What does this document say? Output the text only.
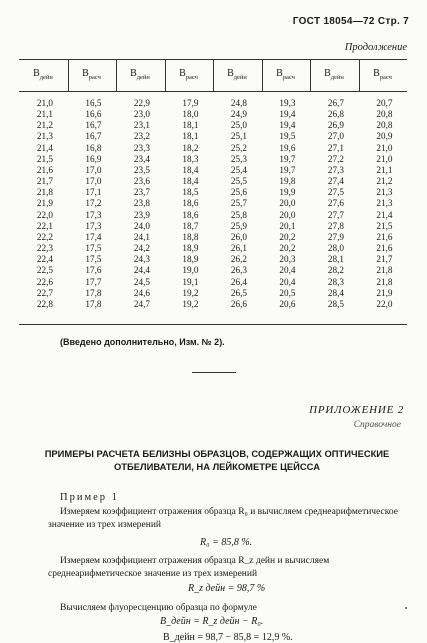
ГОСТ 18054—72 Стр. 7
Продолжение
$B_{дейн}$
21,0
21,1
21,2
21,3
21,4
21,5
21,6
21,7
21,8
21,9
22,0
22,1
22,2
22,3
22,4
22,5
22,6
22,7
22,8
$B_{расч}$
16,5
16,6
16,7
16,7
16,8
16,9
17,0
17,0
17,1
17,2
17,3
17,3
17,4
17,5
17,5
17,6
17,7
17,8
17,8
$B_{дейн}$
22,9
23,0
23,1
23,2
23,3
23,4
23,5
23,6
23,7
23,8
23,9
24,0
24,1
24,2
24,3
24,4
24,5
24,6
24,7
$B_{расч}$
17,9
18,0
18,1
18,1
18,2
18,3
18,4
18,4
18,5
18,6
18,6
18,7
18,8
18,9
18,9
19,0
19,1
19,2
19,2
$B_{дейн}$
24,8
24,9
25,0
25,1
25,2
25,3
25,4
25,5
25,6
25,7
25,8
25,9
26,0
26,1
26,2
26,3
26,4
26,5
26,6
$B_{расч}$
19,3
19,4
19,4
19,5
19,6
19,7
19,7
19,8
19,9
20,0
20,0
20,1
20,2
20,2
20,3
20,4
20,4
20,5
20,6
$B_{дейн}$
26,7
26,8
26,9
27,0
27,1
27,2
27,3
27,4
27,5
27,6
27,7
27,8
27,9
28,0
28,1
28,2
28,3
28,4
28,5
$B_{расч}$
20,7
20,8
20,8
20,9
21,0
21,0
21,1
21,2
21,3
21,3
21,4
21,5
21,6
21,6
21,7
21,8
21,8
21,9
22,0
(Введено дополнительно, Изм. № 2).
ПРИЛОЖЕНИЕ 2
Справочное
ПРИМЕРЫ РАСЧЕТА БЕЛИЗНЫ ОБРАЗЦОВ, СОДЕРЖАЩИХ ОПТИЧЕСКИЕ ОТБЕЛИВАТЕЛИ, НА ЛЕЙКОМЕТРЕ ЦЕЙССА
Пример 1
Измеряем коэффициент отражения образца R₀ и вычисляем среднеарифметическое значение из трех измерений
R₀ = 85,8 %.
Измеряем коэффициент отражения образца R_z дейн и вычисляем среднеарифметическое значение из трех измерений
R_z дейн = 98,7 %
Вычисляем флуоресценцию образца по формуле
B_дейн = R_z дейн − R₀.
B_дейн = 98,7 − 85,8 = 12,9 %.
